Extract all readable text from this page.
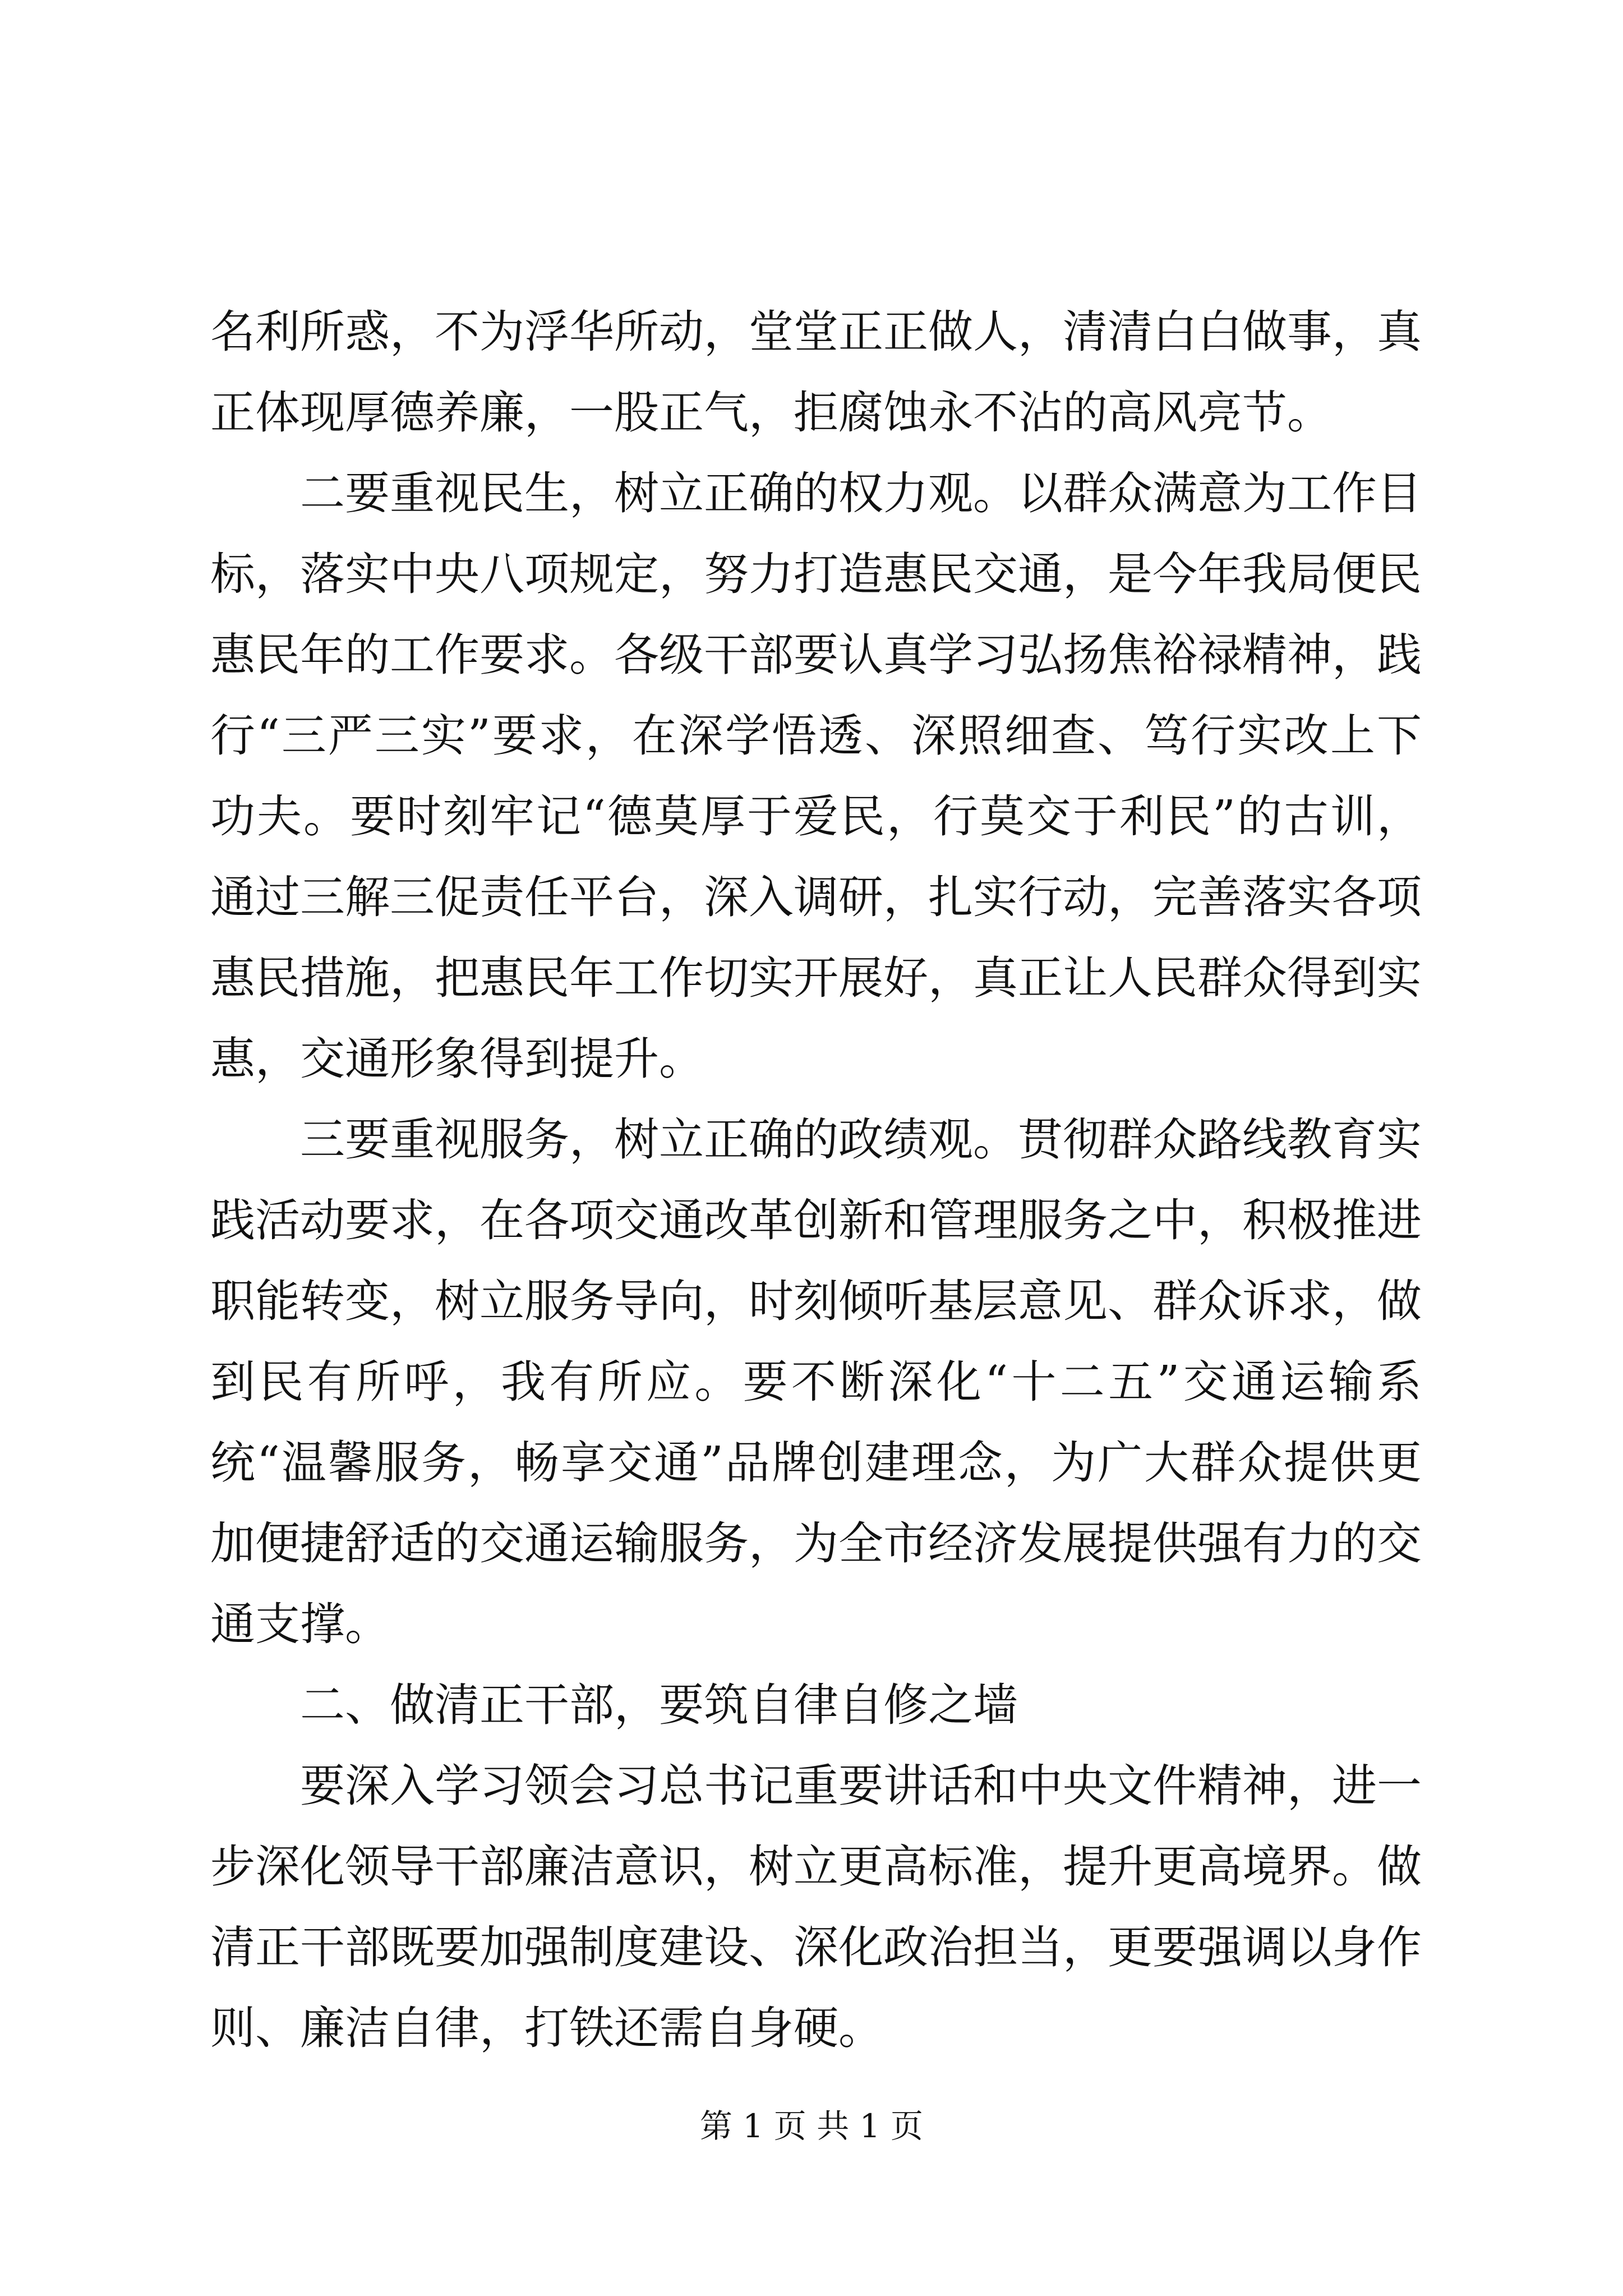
名利所惑，不为浮华所动，堂堂正正做人，清清白白做事，真正体现厚德养廉，一股正气，拒腐蚀永不沾的高风亮节。

二要重视民生，树立正确的权力观。以群众满意为工作目标，落实中央八项规定，努力打造惠民交通，是今年我局便民惠民年的工作要求。各级干部要认真学习弘扬焦裕禄精神，践行“三严三实”要求，在深学悟透、深照细查、笃行实改上下功夫。要时刻牢记“德莫厚于爱民，行莫交于利民”的古训，通过三解三促责任平台，深入调研，扎实行动，完善落实各项惠民措施，把惠民年工作切实开展好，真正让人民群众得到实惠，交通形象得到提升。

三要重视服务，树立正确的政绩观。贯彻群众路线教育实践活动要求，在各项交通改革创新和管理服务之中，积极推进职能转变，树立服务导向，时刻倾听基层意见、群众诉求，做到民有所呼，我有所应。要不断深化“十二五”交通运输系统“温馨服务，畅享交通”品牌创建理念，为广大群众提供更加便捷舒适的交通运输服务，为全市经济发展提供强有力的交通支撑。

二、做清正干部，要筑自律自修之墙

要深入学习领会习总书记重要讲话和中央文件精神，进一步深化领导干部廉洁意识，树立更高标准，提升更高境界。做清正干部既要加强制度建设、深化政治担当，更要强调以身作则、廉洁自律，打铁还需自身硬。

第 1 页 共 1 页
